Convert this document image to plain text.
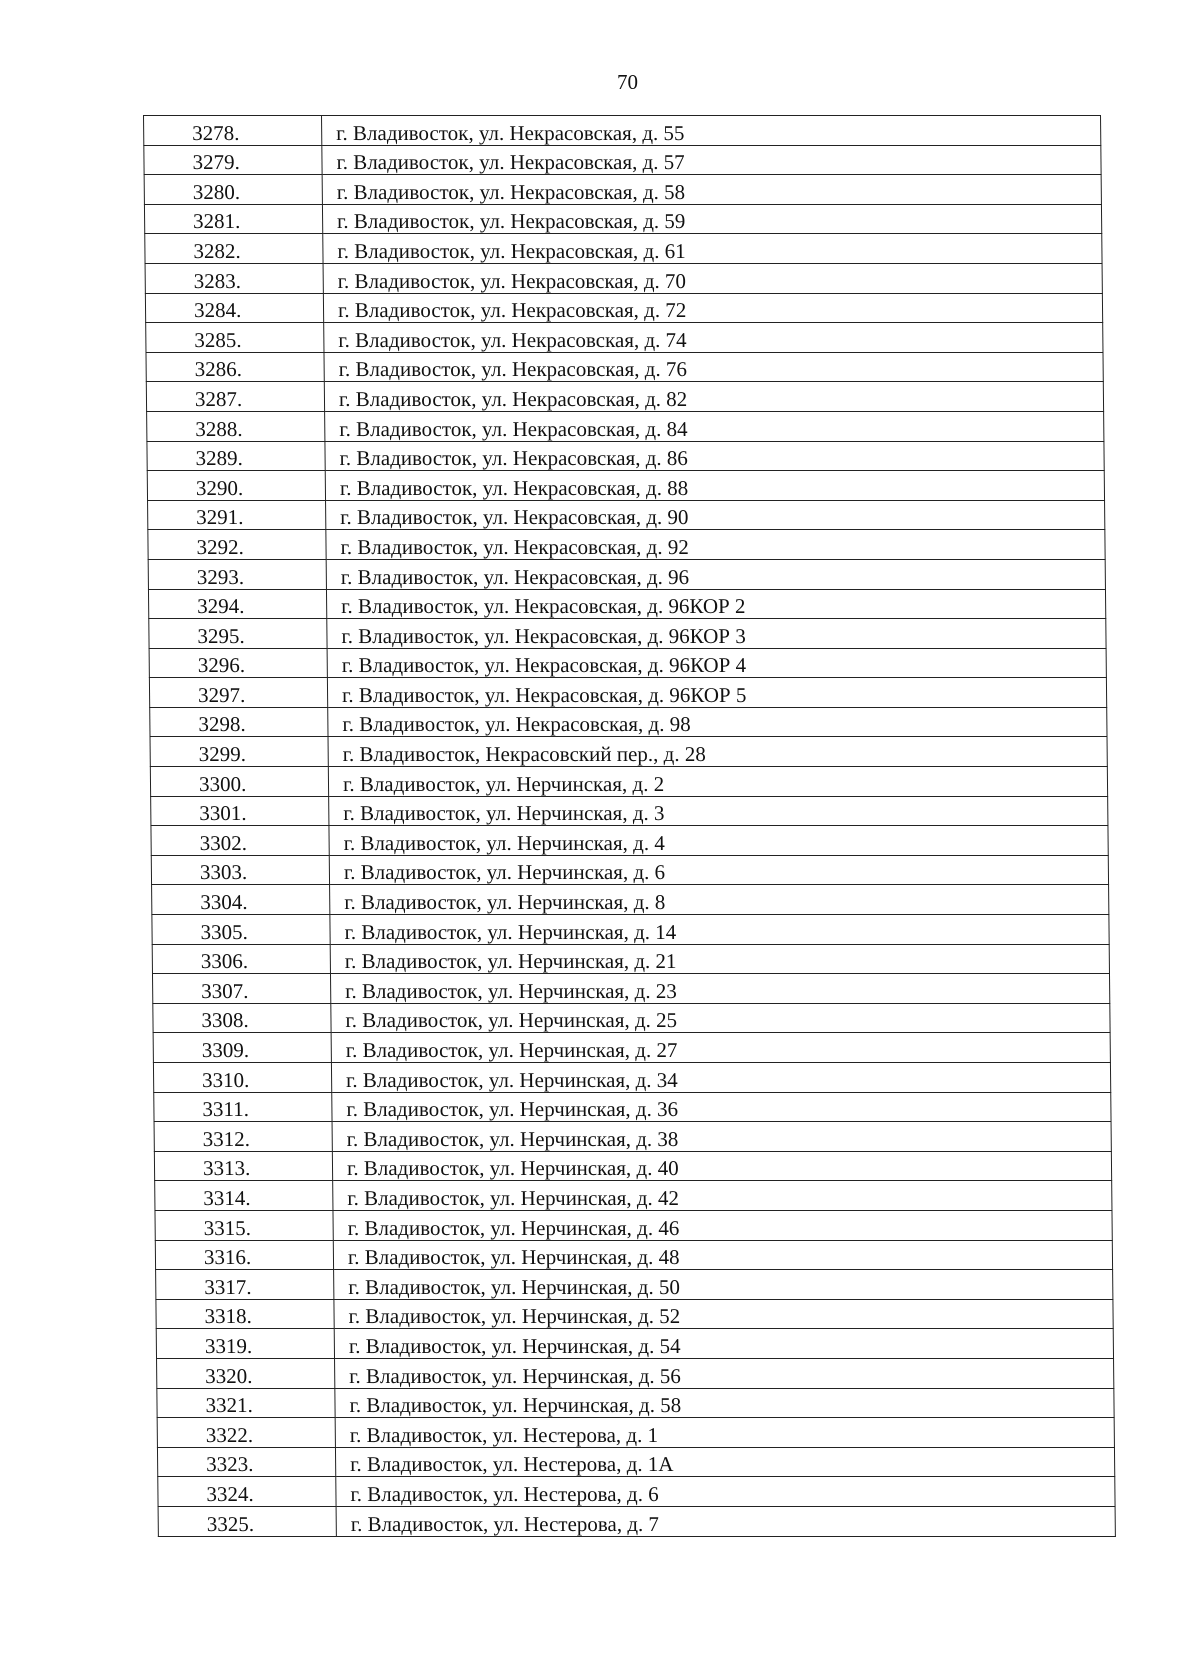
70
3278.	г. Владивосток, ул. Некрасовская, д. 55
3279.	г. Владивосток, ул. Некрасовская, д. 57
3280.	г. Владивосток, ул. Некрасовская, д. 58
3281.	г. Владивосток, ул. Некрасовская, д. 59
3282.	г. Владивосток, ул. Некрасовская, д. 61
3283.	г. Владивосток, ул. Некрасовская, д. 70
3284.	г. Владивосток, ул. Некрасовская, д. 72
3285.	г. Владивосток, ул. Некрасовская, д. 74
3286.	г. Владивосток, ул. Некрасовская, д. 76
3287.	г. Владивосток, ул. Некрасовская, д. 82
3288.	г. Владивосток, ул. Некрасовская, д. 84
3289.	г. Владивосток, ул. Некрасовская, д. 86
3290.	г. Владивосток, ул. Некрасовская, д. 88
3291.	г. Владивосток, ул. Некрасовская, д. 90
3292.	г. Владивосток, ул. Некрасовская, д. 92
3293.	г. Владивосток, ул. Некрасовская, д. 96
3294.	г. Владивосток, ул. Некрасовская, д. 96КОР 2
3295.	г. Владивосток, ул. Некрасовская, д. 96КОР 3
3296.	г. Владивосток, ул. Некрасовская, д. 96КОР 4
3297.	г. Владивосток, ул. Некрасовская, д. 96КОР 5
3298.	г. Владивосток, ул. Некрасовская, д. 98
3299.	г. Владивосток, Некрасовский пер., д. 28
3300.	г. Владивосток, ул. Нерчинская, д. 2
3301.	г. Владивосток, ул. Нерчинская, д. 3
3302.	г. Владивосток, ул. Нерчинская, д. 4
3303.	г. Владивосток, ул. Нерчинская, д. 6
3304.	г. Владивосток, ул. Нерчинская, д. 8
3305.	г. Владивосток, ул. Нерчинская, д. 14
3306.	г. Владивосток, ул. Нерчинская, д. 21
3307.	г. Владивосток, ул. Нерчинская, д. 23
3308.	г. Владивосток, ул. Нерчинская, д. 25
3309.	г. Владивосток, ул. Нерчинская, д. 27
3310.	г. Владивосток, ул. Нерчинская, д. 34
3311.	г. Владивосток, ул. Нерчинская, д. 36
3312.	г. Владивосток, ул. Нерчинская, д. 38
3313.	г. Владивосток, ул. Нерчинская, д. 40
3314.	г. Владивосток, ул. Нерчинская, д. 42
3315.	г. Владивосток, ул. Нерчинская, д. 46
3316.	г. Владивосток, ул. Нерчинская, д. 48
3317.	г. Владивосток, ул. Нерчинская, д. 50
3318.	г. Владивосток, ул. Нерчинская, д. 52
3319.	г. Владивосток, ул. Нерчинская, д. 54
3320.	г. Владивосток, ул. Нерчинская, д. 56
3321.	г. Владивосток, ул. Нерчинская, д. 58
3322.	г. Владивосток, ул. Нестерова, д. 1
3323.	г. Владивосток, ул. Нестерова, д. 1А
3324.	г. Владивосток, ул. Нестерова, д. 6
3325.	г. Владивосток, ул. Нестерова, д. 7
